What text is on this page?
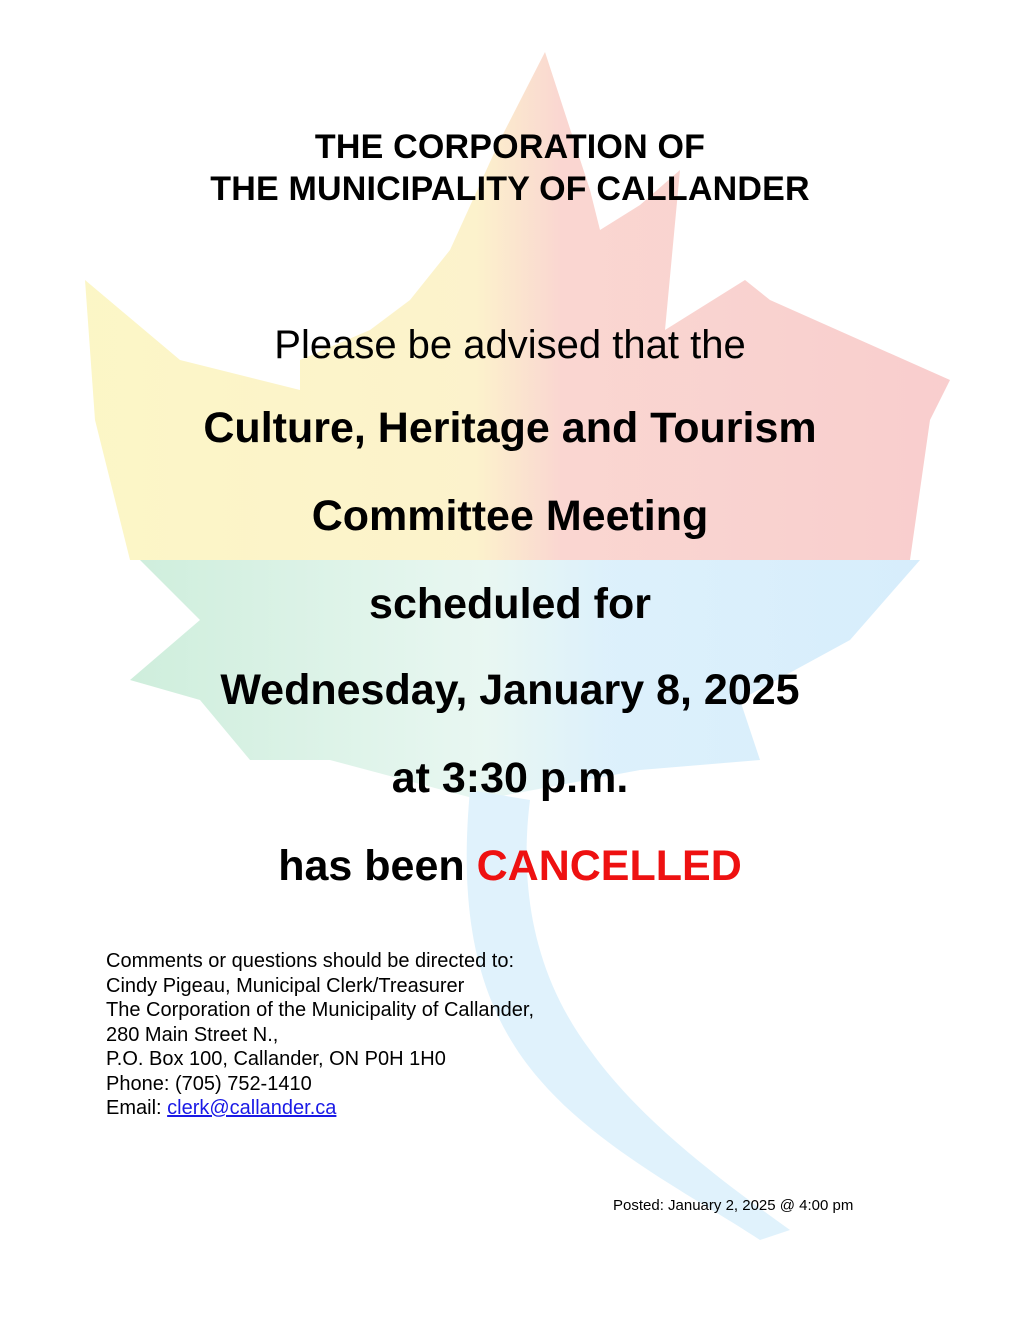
THE CORPORATION OF
THE MUNICIPALITY OF CALLANDER
Please be advised that the
Culture, Heritage and Tourism
Committee Meeting
scheduled for
Wednesday, January 8, 2025
at 3:30 p.m.
has been CANCELLED
Comments or questions should be directed to:
Cindy Pigeau, Municipal Clerk/Treasurer
The Corporation of the Municipality of Callander,
280 Main Street N.,
P.O. Box 100, Callander, ON P0H 1H0
Phone: (705) 752-1410
Email: clerk@callander.ca
Posted: January 2, 2025 @ 4:00 pm
